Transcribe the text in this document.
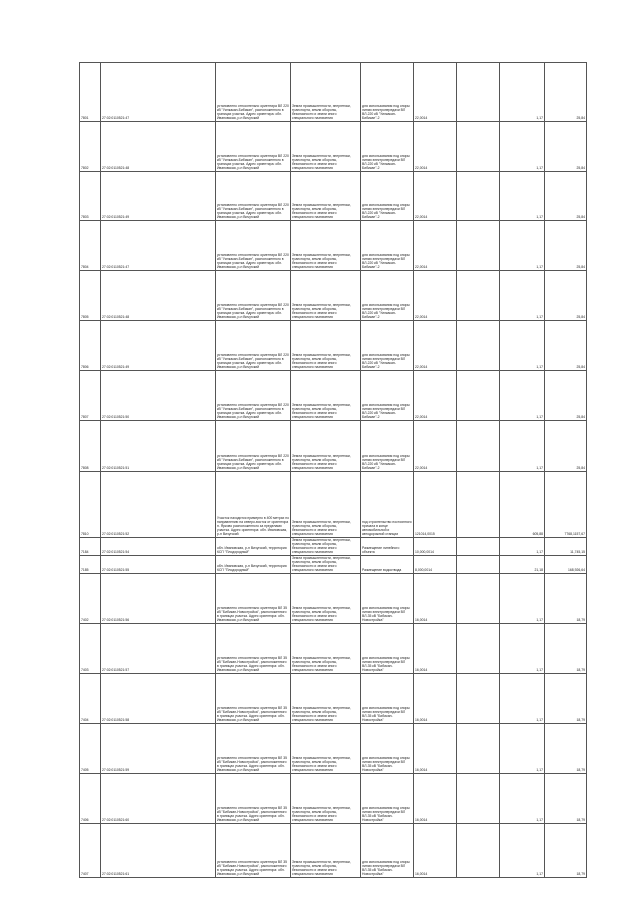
7801	27:02:0110521:47	установлено относительно ориентира ВЛ 220 кВ "Уилкакан-Бибикан", расположенного в границах участка. Адрес ориентира: обл. Ивановская, р-н Вичугский	Земли промышленности, энергетики, транспорта, земли обороны, безопасности и земли иного специального назначения	для использования под опоры линии электропередачи ВЛ ВЛ-220 кВ "Уилкакан-Бибикан"-2	22,0014		1,17	25,84
7802	27:02:0110521:48	установлено относительно ориентира ВЛ 220 кВ "Уилкакан-Бибикан", расположенного в границах участка. Адрес ориентира: обл. Ивановская, р-н Вичугский	Земли промышленности, энергетики, транспорта, земли обороны, безопасности и земли иного специального назначения	для использования под опоры линии электропередачи ВЛ ВЛ-220 кВ "Уилкакан-Бибикан"-2	22,0014		1,17	25,84
7803	27:02:0110521:49	установлено относительно ориентира ВЛ 220 кВ "Уилкакан-Бибикан", расположенного в границах участка. Адрес ориентира: обл. Ивановская, р-н Вичугский	Земли промышленности, энергетики, транспорта, земли обороны, безопасности и земли иного специального назначения	для использования под опоры линии электропередачи ВЛ ВЛ-220 кВ "Уилкакан-Бибикан"-2	22,0014		1,17	25,84
7804	27:02:0110521:47	установлено относительно ориентира ВЛ 220 кВ "Уилкакан-Бибикан", расположенного в границах участка. Адрес ориентира: обл. Ивановская, р-н Вичугский	Земли промышленности, энергетики, транспорта, земли обороны, безопасности и земли иного специального назначения	для использования под опоры линии электропередачи ВЛ ВЛ-220 кВ "Уилкакан-Бибикан"-2	22,0014		1,17	25,84
7805	27:02:0110521:48	установлено относительно ориентира ВЛ 220 кВ "Уилкакан-Бибикан", расположенного в границах участка. Адрес ориентира: обл. Ивановская, р-н Вичугский	Земли промышленности, энергетики, транспорта, земли обороны, безопасности и земли иного специального назначения	для использования под опоры линии электропередачи ВЛ ВЛ-220 кВ "Уилкакан-Бибикан"-2	22,0014		1,17	25,84
7806	27:02:0110521:49	установлено относительно ориентира ВЛ 220 кВ "Уилкакан-Бибикан", расположенного в границах участка. Адрес ориентира: обл. Ивановская, р-н Вичугский	Земли промышленности, энергетики, транспорта, земли обороны, безопасности и земли иного специального назначения	для использования под опоры линии электропередачи ВЛ ВЛ-220 кВ "Уилкакан-Бибикан"-2	22,0014		1,17	25,84
7807	27:02:0110521:50	установлено относительно ориентира ВЛ 220 кВ "Уилкакан-Бибикан", расположенного в границах участка. Адрес ориентира: обл. Ивановская, р-н Вичугский	Земли промышленности, энергетики, транспорта, земли обороны, безопасности и земли иного специального назначения	для использования под опоры линии электропередачи ВЛ ВЛ-220 кВ "Уилкакан-Бибикан"-2	22,0014		1,17	25,84
7808	27:02:0110521:51	установлено относительно ориентира ВЛ 220 кВ "Уилкакан-Бибикан", расположенного в границах участка. Адрес ориентира: обл. Ивановская, р-н Вичугский	Земли промышленности, энергетики, транспорта, земли обороны, безопасности и земли иного специального назначения	для использования под опоры линии электропередачи ВЛ ВЛ-220 кВ "Уилкакан-Бибикан"-2	22,0014		1,17	25,84
7810	27:02:0110521:52	Участок находится примерно в 400 метрах по направлению на северо-восток от ориентира п. Ярково расположенного за пределами участка. Адрес ориентира: обл. Ивановская, р-н Вичугский	Земли промышленности, энергетики, транспорта, земли обороны, безопасности и земли иного специального назначения	под строительство постоянного причала в конце автомобильной и автодорожной станции	121014,0015		605,88	7768,1157,67
7184	27:02:0110521:54	обл. Ивановская, р-н Вичугский, территория КСП "Плодородный"	Земли промышленности, энергетики, транспорта, земли обороны, безопасности и земли иного специального назначения	Размещение линейного объекта	10,000,0014		1,17	11,745,15
7185	27:02:0110521:55	обл. Ивановская, р-н Вичугский, территория КСП "Плодородный"	Земли промышленности, энергетики, транспорта, земли обороны, безопасности и земли иного специального назначения	Размещение водоотвода	8,000,0014		21,18	168,926,64
7402	27:02:0110521:56	установлено относительно ориентира ВЛ 35 кВ "Бибикан-Новостройка", расположенного в границах участка. Адрес ориентира: обл. Ивановская, р-н Вичугский	Земли промышленности, энергетики, транспорта, земли обороны, безопасности и земли иного специального назначения	для использования под опоры линии электропередачи ВЛ ВЛ-35 кВ "Бибикан-Новостройка"	16,0014		1,17	18,79
7403	27:02:0110521:57	установлено относительно ориентира ВЛ 35 кВ "Бибикан-Новостройка", расположенного в границах участка. Адрес ориентира: обл. Ивановская, р-н Вичугский	Земли промышленности, энергетики, транспорта, земли обороны, безопасности и земли иного специального назначения	для использования под опоры линии электропередачи ВЛ ВЛ-35 кВ "Бибикан-Новостройка"	16,0014		1,17	18,79
7404	27:02:0110521:58	установлено относительно ориентира ВЛ 35 кВ "Бибикан-Новостройка", расположенного в границах участка. Адрес ориентира: обл. Ивановская, р-н Вичугский	Земли промышленности, энергетики, транспорта, земли обороны, безопасности и земли иного специального назначения	для использования под опоры линии электропередачи ВЛ ВЛ-35 кВ "Бибикан-Новостройка"	16,0014		1,17	18,79
7405	27:02:0110521:59	установлено относительно ориентира ВЛ 35 кВ "Бибикан-Новостройка", расположенного в границах участка. Адрес ориентира: обл. Ивановская, р-н Вичугский	Земли промышленности, энергетики, транспорта, земли обороны, безопасности и земли иного специального назначения	для использования под опоры линии электропередачи ВЛ ВЛ-35 кВ "Бибикан-Новостройка"	16,0014		1,17	18,79
7406	27:02:0110521:60	установлено относительно ориентира ВЛ 35 кВ "Бибикан-Новостройка", расположенного в границах участка. Адрес ориентира: обл. Ивановская, р-н Вичугский	Земли промышленности, энергетики, транспорта, земли обороны, безопасности и земли иного специального назначения	для использования под опоры линии электропередачи ВЛ ВЛ-35 кВ "Бибикан-Новостройка"	16,0014		1,17	18,79
7407	27:02:0110521:61	установлено относительно ориентира ВЛ 35 кВ "Бибикан-Новостройка", расположенного в границах участка. Адрес ориентира: обл. Ивановская, р-н Вичугский	Земли промышленности, энергетики, транспорта, земли обороны, безопасности и земли иного специального назначения	для использования под опоры линии электропередачи ВЛ ВЛ-35 кВ "Бибикан-Новостройка"	16,0014		1,17	18,79
